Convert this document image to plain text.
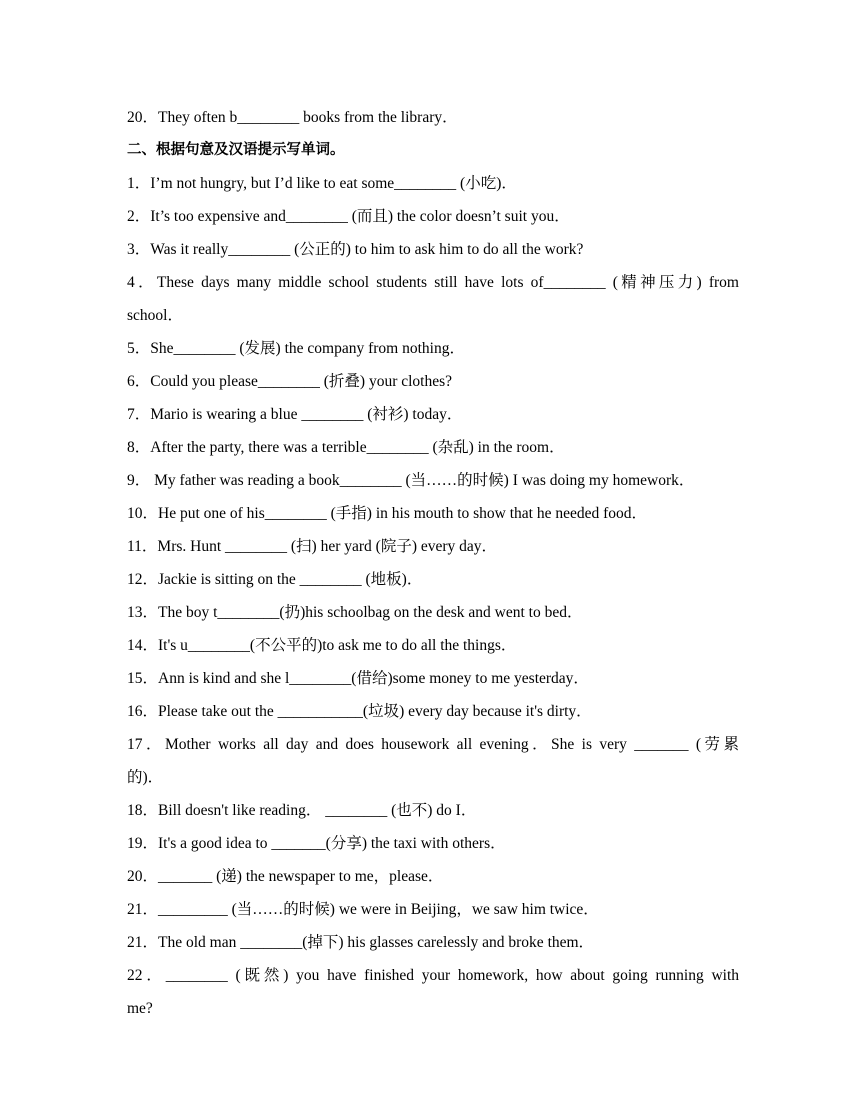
20．They often b________ books from the library．
二、根据句意及汉语提示写单词。
1．I’m not hungry, but I’d like to eat some________ (小吃)．
2．It’s too expensive and________ (而且) the color doesn’t suit you．
3．Was it really________ (公正的) to him to ask him to do all the work?
4．These days many middle school students still have lots of________ (精神压力) from
school．
5．She________ (发展) the company from nothing．
6．Could you please________ (折叠) your clothes?
7．Mario is wearing a blue ________ (衬衫) today．
8．After the party, there was a terrible________ (杂乱) in the room．
9． My father was reading a book________ (当……的时候) I was doing my homework．
10．He put one of his________ (手指) in his mouth to show that he needed food．
11．Mrs. Hunt ________ (扫) her yard (院子) every day．
12．Jackie is sitting on the ________ (地板)．
13．The boy t________(扔)his schoolbag on the desk and went to bed．
14．It's u________(不公平的)to ask me to do all the things．
15．Ann is kind and she l________(借给)some money to me yesterday．
16．Please take out the ___________(垃圾) every day because it's dirty．
17．Mother works all day and does housework all evening．She is very _______ (劳累
的)．
18．Bill doesn't like reading． ________ (也不) do I．
19．It's a good idea to _______(分享) the taxi with others．
20．_______ (递) the newspaper to me，please．
21．_________ (当……的时候) we were in Beijing，we saw him twice．
21．The old man ________(掉下) his glasses carelessly and broke them．
22．________ (既然) you have finished your homework, how about going running with
me?
